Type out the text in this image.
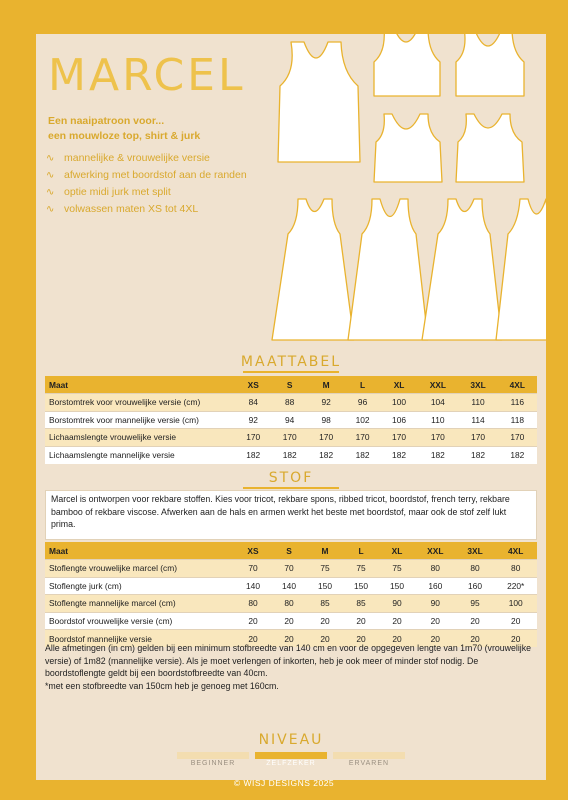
MARCEL
Een naaipatroon voor...
een mouwloze top, shirt & jurk
∿ mannelijke & vrouwelijke versie
∿ afwerking met boordstof aan de randen
∿ optie midi jurk met split
∿ volwassen maten XS tot 4XL
MAATTABEL
Maat	XS	S	M	L	XL	XXL	3XL	4XL
Borstomtrek voor vrouwelijke versie (cm)	84	88	92	96	100	104	110	116
Borstomtrek voor mannelijke versie (cm)	92	94	98	102	106	110	114	118
Lichaamslengte vrouwelijke versie	170	170	170	170	170	170	170	170
Lichaamslengte mannelijke versie	182	182	182	182	182	182	182	182
STOF
Marcel is ontworpen voor rekbare stoffen. Kies voor tricot, rekbare spons, ribbed tricot, boordstof, french terry, rekbare bamboo of rekbare viscose. Afwerken aan de hals en armen werkt het beste met boordstof, maar ook de stof zelf lukt prima.
Maat	XS	S	M	L	XL	XXL	3XL	4XL
Stoflengte vrouwelijke marcel (cm)	70	70	75	75	75	80	80	80
Stoflengte jurk (cm)	140	140	150	150	150	160	160	220*
Stoflengte mannelijke marcel (cm)	80	80	85	85	90	90	95	100
Boordstof vrouwelijke versie (cm)	20	20	20	20	20	20	20	20
Boordstof mannelijke versie	20	20	20	20	20	20	20	20
Alle afmetingen (in cm) gelden bij een minimum stofbreedte van 140 cm en voor de opgegeven lengte van 1m70 (vrouwelijke versie) of 1m82 (mannelijke versie). Als je moet verlengen of inkorten, heb je ook meer of minder stof nodig. De boordstoflengte geldt bij een boordstofbreedte van 40cm.
*met een stofbreedte van 150cm heb je genoeg met 160cm.
NIVEAU
BEGINNER	ZELFZEKER	ERVAREN
© WISJ DESIGNS 2025
